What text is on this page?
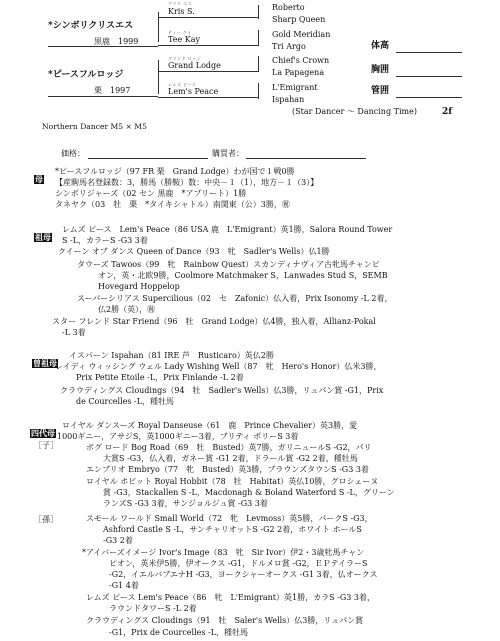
*シンボリクリスエス
黒鹿　1999
*ピースフルロッジ
栗　1997
クリス エス
Kris S.
ティー ケイ
Tee Kay
グランド ロッジ
Grand Lodge
レムズ ピース
Lem's Peace
Roberto
Sharp Queen
Gold Meridian
Tri Argo
Chief's Crown
La Papagena
L'Emigrant
Ispahan
体高
胸囲
管囲
(Star Dancer ～ Dancing Time)	2f
Northern Dancer M5 × M5
価格：	購買者：
母
*ピースフルロッジ（97 FR 栗　Grand Lodge）わが国で１戦0勝
【産駒馬名登録数：3，勝馬（勝鞍）数：中央－１（1），地方－１（3）】
シンボリジャーズ（02 セン 黒鹿　*アプリート）1勝
タネヤク（03　牡　栗　*タイキシャトル）南関東（公）3勝，㊗
祖母
レムズ ピース　Lem's Peace（86 USA 鹿　L'Emigrant）英1勝，Salora Round Tower
S -L，カラーS -G3 3着
クイーン オブ ダンス Queen of Dance（93　牝　Sadler's Wells）仏1勝
タウーズ Tawoos（99　牝　Rainbow Quest）スカンディナヴィア古牝馬チャンピ
オン，英・北欧9勝，Coolmore Matchmaker S，Lanwades Stud S，SEMB
Hovegard Hoppelop
スーパーシリアス Supercilious（02　セ　Zafonic）仏入着，Prix Isonomy -L 2着，
仏2勝（英），㊗
スター フレンド Star Friend（96　牡　Grand Lodge）仏4勝，独入着，Allianz-Pokal
-L 3着
曽祖母
イスパーン Ispahan（81 IRE 芦　Rusticaro）英仏2勝
レイディ ウィッシング ウェル Lady Wishing Well（87　牝　Hero's Honor）仏米3勝，
Prix Petite Etoile -L，Prix Finlande -L 2着
クラウディングス Cloudings（94　牡　Sadler's Wells）仏3勝，リュパン賞 -G1，Prix
de Courcelles -L，種牡馬
四代母
［子］
［孫］
ロイヤル ダンスーズ Royal Danseuse（61　鹿　Prince Chevalier）英3勝，愛
1000ギニー，アサジS，英1000ギニー3着，ブリティ ポリーS 3着
ボグ ロード Bog Road（69　牡　Busted）英7勝，ガリニュールS -G2，パリ
大賞S -G3，仏入着，ガネー賞 -G1 2着，ドラール賞 -G2 2着，種牡馬
エンブリオ Embryo（77　牝　Busted）英3勝，ブラウンズタウンS -G3 3着
ロイヤル ホビット Royal Hobbit（78　牡　Habitat）英仏10勝，グロシェーヌ
賞 -G3，Stackallen S -L，Macdonagh & Boland Waterford S -L，グリーン
ランズS -G3 3着，サンジョルジュ賞 -G3 3着
スモール ワールド Small World（72　牝　Levmoss）英5勝，パークS -G3，
Ashford Castle S -L，サンチャリオットS -G2 2着，ホワイト ホールS
-G3 2着
*アイバーズイメージ Ivor's Image（83　牝　Sir Ivor）伊2・3歳牝馬チャン
ピオン，英米伊5勝，伊オークス -G1，ドルメロ賞 -G2，ＥＰテイラーS
-G2，イエルバブエナH -G3，ヨークシャーオークス -G1 3着，仏オークス
-G1 4着
レムズ ピース Lem's Peace（86　牝　L'Emigrant）英1勝，カラS -G3 3着，
ラウンドタワーS -L 2着
クラウディングス Cloudings（91　牡　Saler's Wells）仏3勝，リュパン賞
-G1，Prix de Courcelles -L，種牡馬
